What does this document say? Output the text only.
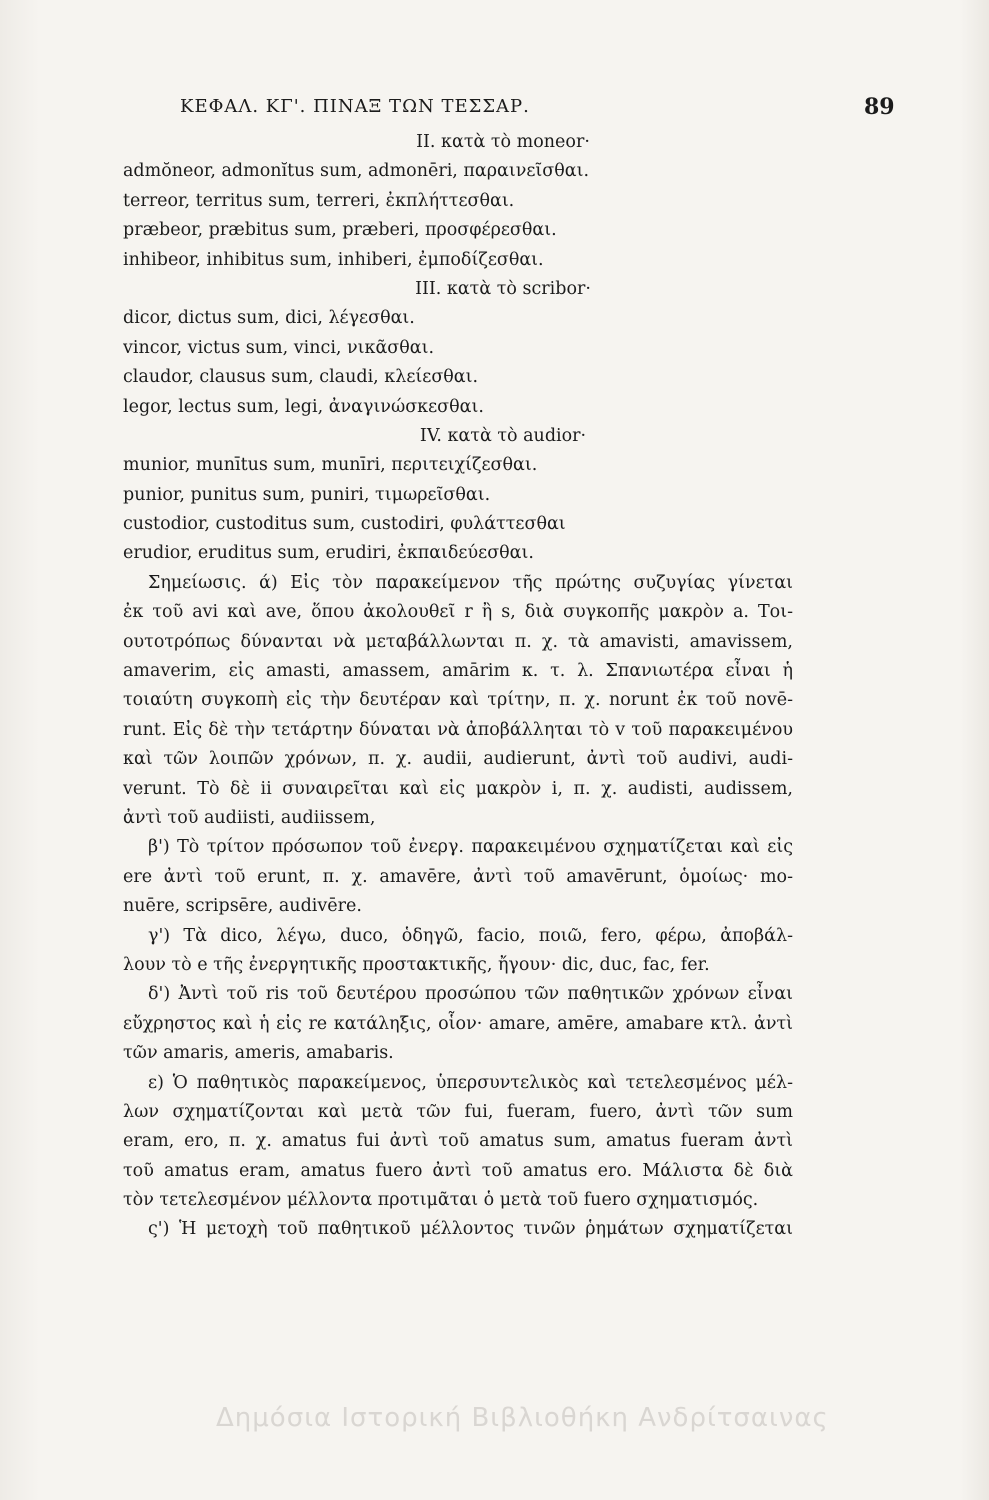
ΚΕΦΑΛ. ΚΓ'. ΠΙΝΑΞ ΤΩΝ ΤΕΣΣΑΡ.	89
II. κατὰ τὸ moneor·
admŏneor, admonĭtus sum, admonēri, παραινεῖσθαι.
terreor, territus sum, terreri, ἐκπλήττεσθαι.
præbeor, præbitus sum, præberi, προσφέρεσθαι.
inhibeor, inhibitus sum, inhiberi, ἐμποδίζεσθαι.
III. κατὰ τὸ scribor·
dicor, dictus sum, dici, λέγεσθαι.
vincor, victus sum, vinci, νικᾶσθαι.
claudor, clausus sum, claudi, κλείεσθαι.
legor, lectus sum, legi, ἀναγινώσκεσθαι.
IV. κατὰ τὸ audior·
munior, munītus sum, munīri, περιτειχίζεσθαι.
punior, punitus sum, puniri, τιμωρεῖσθαι.
custodior, custoditus sum, custodiri, φυλάττεσθαι
erudior, eruditus sum, erudiri, ἐκπαιδεύεσθαι.
Σημείωσις. ά) Εἰς τὸν παρακείμενον τῆς πρώτης συζυγίας γίνεται
ἐκ τοῦ avi καὶ ave, ὅπου ἀκολουθεῖ r ἢ s, διὰ συγκοπῆς μακρὸν a. Τοι-
ουτοτρόπως δύνανται νὰ μεταβάλλωνται π. χ. τὰ amavisti, amavissem,
amaverim, εἰς amasti, amassem, amārim κ. τ. λ. Σπανιωτέρα εἶναι ἡ
τοιαύτη συγκοπὴ εἰς τὴν δευτέραν καὶ τρίτην, π. χ. norunt ἐκ τοῦ novē-
runt. Εἰς δὲ τὴν τετάρτην δύναται νὰ ἀποβάλληται τὸ v τοῦ παρακειμένου
καὶ τῶν λοιπῶν χρόνων, π. χ. audii, audierunt, ἀντὶ τοῦ audivi, audi-
verunt. Τὸ δὲ ii συναιρεῖται καὶ εἰς μακρὸν i, π. χ. audisti, audissem,
ἀντὶ τοῦ audiisti, audiissem,
β') Τὸ τρίτον πρόσωπον τοῦ ἐνεργ. παρακειμένου σχηματίζεται καὶ εἰς
ere ἀντὶ τοῦ erunt, π. χ. amavēre, ἀντὶ τοῦ amavērunt, ὁμοίως· mo-
nuēre, scripsēre, audivēre.
γ') Τὰ dico, λέγω, duco, ὁδηγῶ, facio, ποιῶ, fero, φέρω, ἀποβάλ-
λουν τὸ e τῆς ἐνεργητικῆς προστακτικῆς, ἤγουν· dic, duc, fac, fer.
δ') Ἀντὶ τοῦ ris τοῦ δευτέρου προσώπου τῶν παθητικῶν χρόνων εἶναι
εὔχρηστος καὶ ἡ εἰς re κατάληξις, οἷον· amare, amēre, amabare κτλ. ἀντὶ
τῶν amaris, ameris, amabaris.
ε) Ὁ παθητικὸς παρακείμενος, ὑπερσυντελικὸς καὶ τετελεσμένος μέλ-
λων σχηματίζονται καὶ μετὰ τῶν fui, fueram, fuero, ἀντὶ τῶν sum
eram, ero, π. χ. amatus fui ἀντὶ τοῦ amatus sum, amatus fueram ἀντὶ
τοῦ amatus eram, amatus fuero ἀντὶ τοῦ amatus ero. Μάλιστα δὲ διὰ
τὸν τετελεσμένον μέλλοντα προτιμᾶται ὁ μετὰ τοῦ fuero σχηματισμός.
ς') Ἡ μετοχὴ τοῦ παθητικοῦ μέλλοντος τινῶν ῥημάτων σχηματίζεται
Δημόσια Ιστορική Βιβλιοθήκη Ανδρίτσαινας
